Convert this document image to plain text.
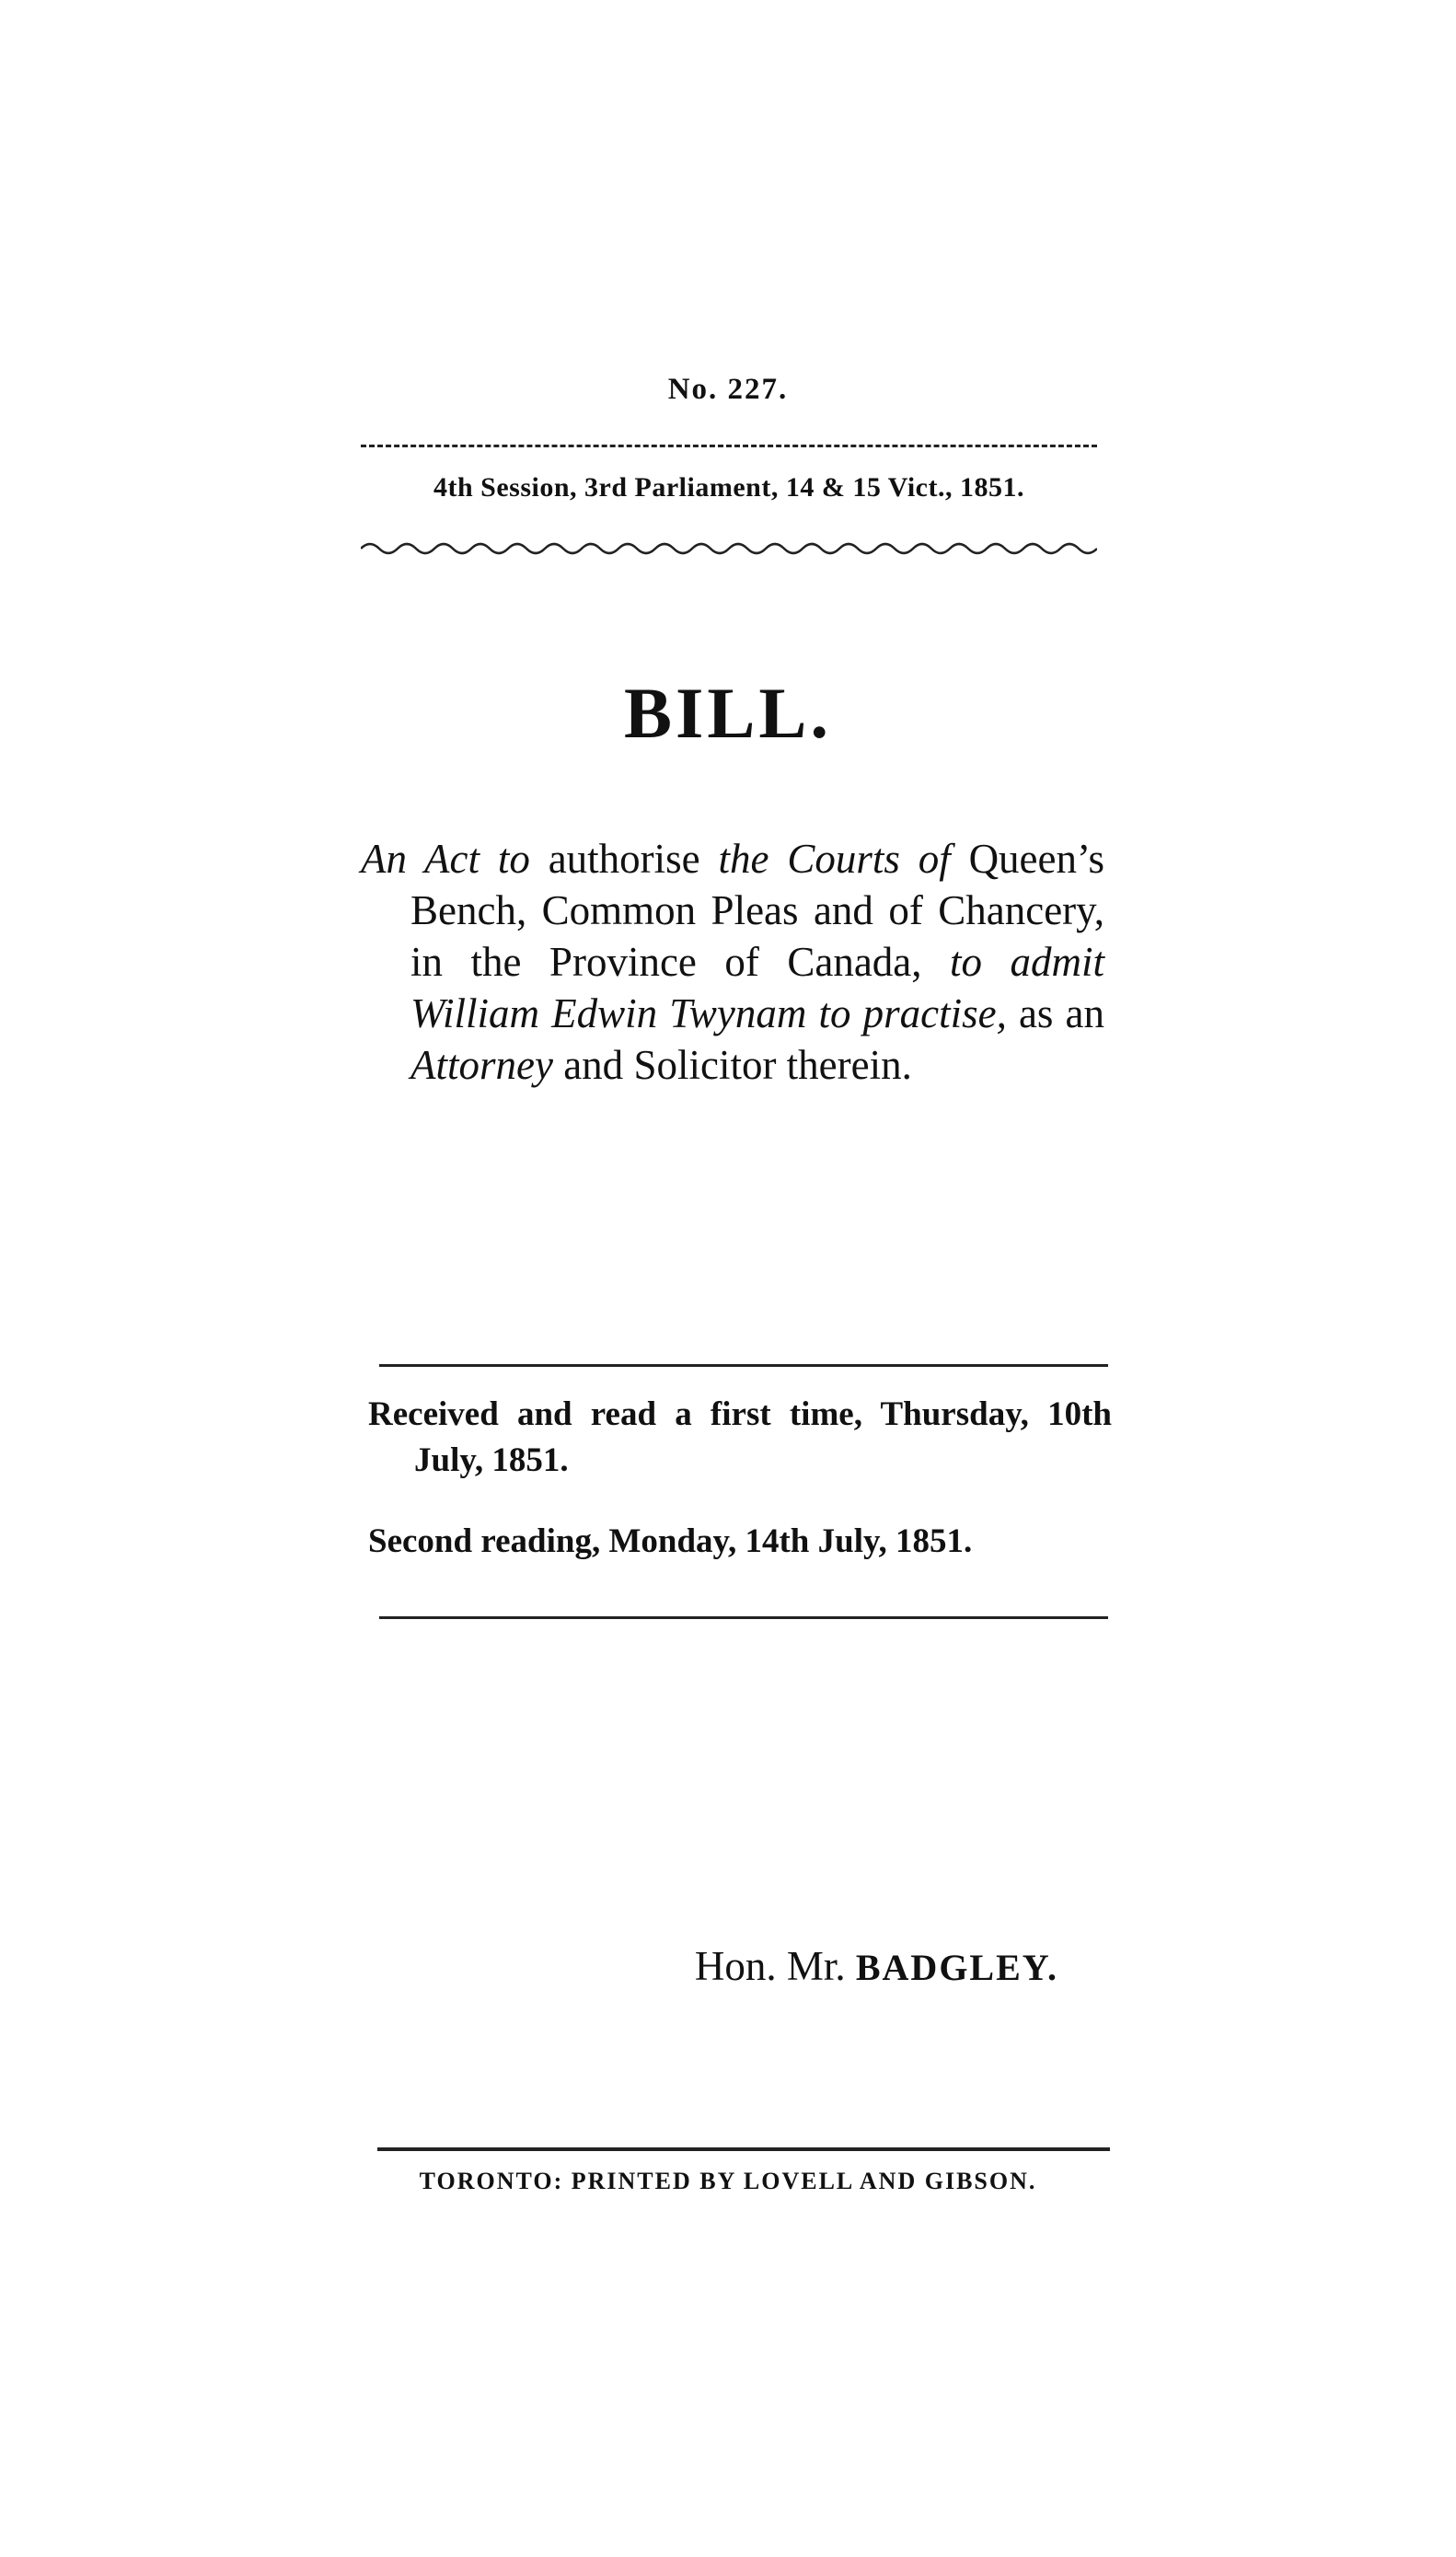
No. 227.
4th Session, 3rd Parliament, 14 & 15 Vict., 1851.
BILL.
An Act to authorise the Courts of Queen’s Bench, Common Pleas and of Chancery, in the Province of Canada, to admit William Edwin Twynam to practise, as an Attorney and Solicitor therein.
Received and read a first time, Thursday, 10th July, 1851.
Second reading, Monday, 14th July, 1851.
Hon. Mr. BADGLEY.
TORONTO: PRINTED BY LOVELL AND GIBSON.
